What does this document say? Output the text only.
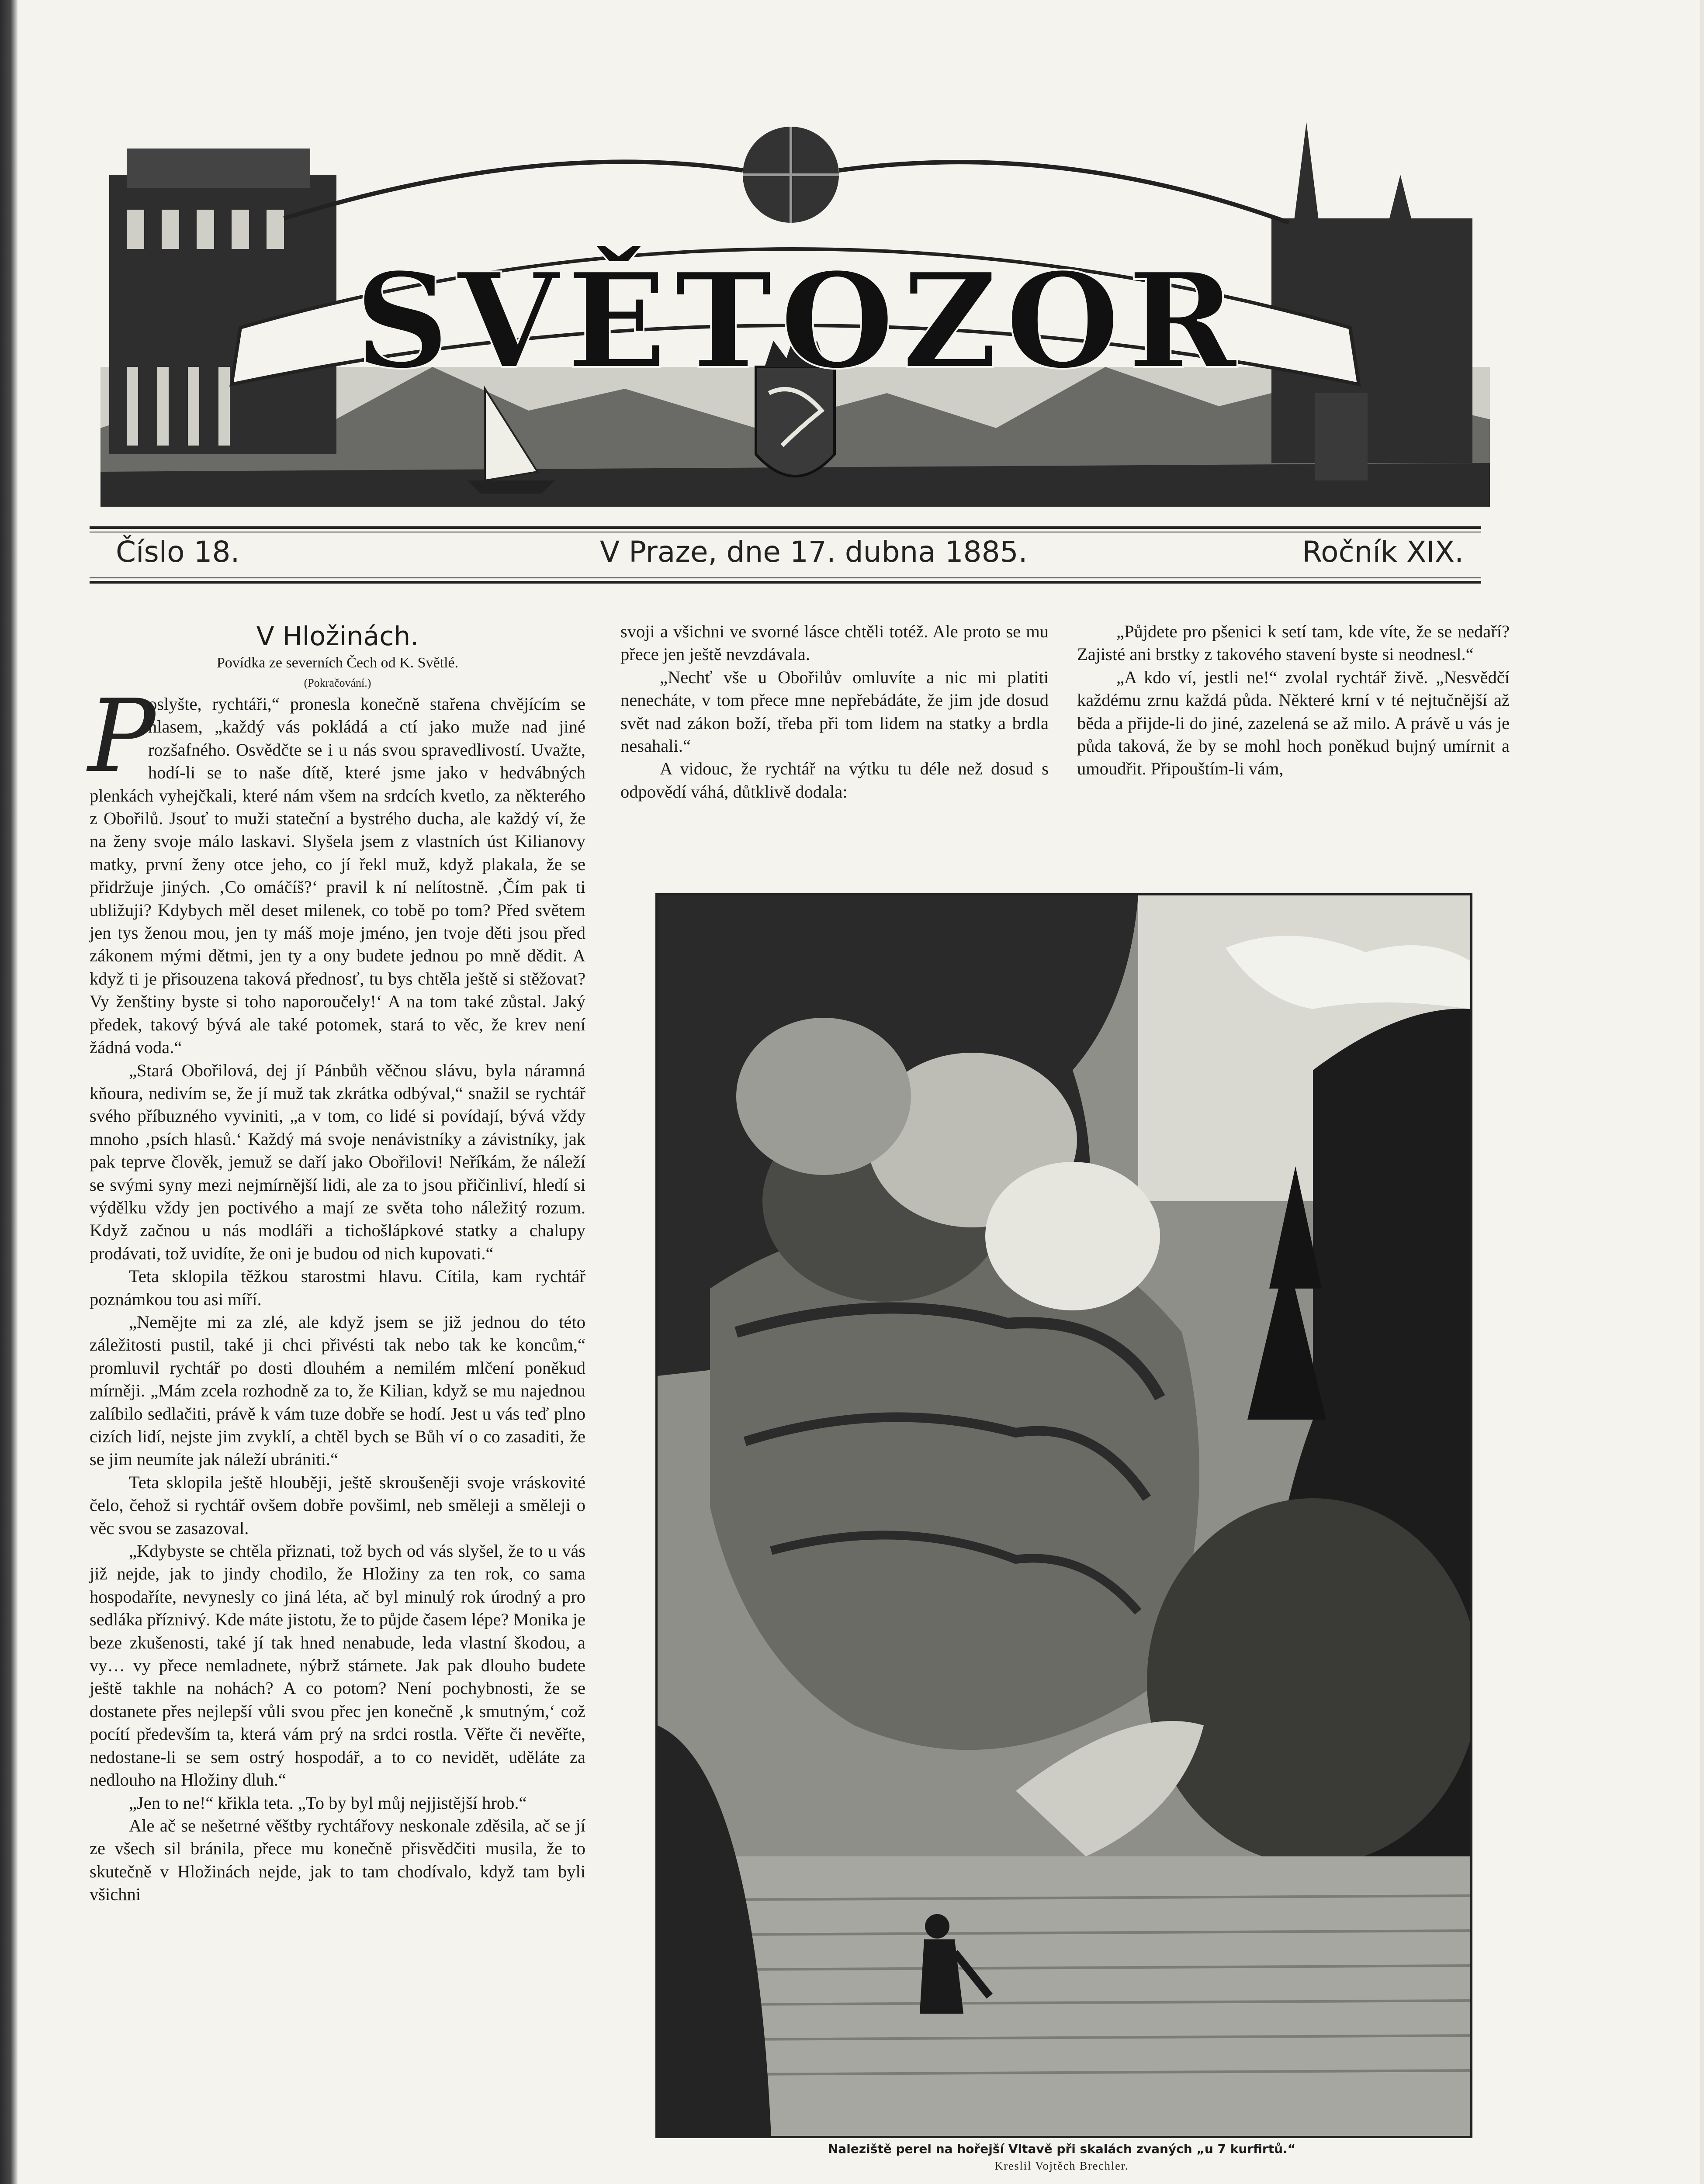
SVĚTOZOR
Číslo 18.	V Praze, dne 17. dubna 1885.	Ročník XIX.

V Hložinách.

Povídka ze severních Čech od K. Světlé.

(Pokračování.)

P
oslyšte, rychtáři,“ pronesla konečně stařena chvějícím se hlasem, „každý vás pokládá a ctí jako muže nad jiné rozšafného. Osvědčte se i u nás svou spravedlivostí. Uvažte, hodí-li se to naše dítě, které jsme jako v hedvábných plenkách vyhejčkali, které nám všem na srdcích kvetlo, za některého z Obořilů. Jsouť to muži stateční a bystrého ducha, ale každý ví, že na ženy svoje málo laskavi. Slyšela jsem z vlastních úst Kilianovy matky, první ženy otce jeho, co jí řekl muž, když plakala, že se přidržuje jiných. ‚Co omáčíš?‘ pravil k ní nelítostně. ‚Čím pak ti ubližuji? Kdybych měl deset milenek, co tobě po tom? Před světem jen tys ženou mou, jen ty máš moje jméno, jen tvoje děti jsou před zákonem mými dětmi, jen ty a ony budete jednou po mně dědit. A když ti je přisouzena taková přednosť, tu bys chtěla ještě si stěžovat? Vy ženštiny byste si toho naporoučely!‘ A na tom také zůstal. Jaký předek, takový bývá ale také potomek, stará to věc, že krev není žádná voda.“

„Stará Obořilová, dej jí Pánbůh věčnou slávu, byla náramná kňoura, nedivím se, že jí muž tak zkrátka odbýval,“ snažil se rychtář svého příbuzného vyviniti, „a v tom, co lidé si povídají, bývá vždy mnoho ‚psích hlasů.‘ Každý má svoje nenávistníky a závistníky, jak pak teprve člověk, jemuž se daří jako Obořilovi! Neříkám, že náleží se svými syny mezi nejmírnější lidi, ale za to jsou přičinliví, hledí si výdělku vždy jen poctivého a mají ze světa toho náležitý rozum. Když začnou u nás modláři a tichošlápkové statky a chalupy prodávati, tož uvidíte, že oni je budou od nich kupovati.“

Teta sklopila těžkou starostmi hlavu. Cítila, kam rychtář poznámkou tou asi míří.

„Nemějte mi za zlé, ale když jsem se již jednou do této záležitosti pustil, také ji chci přivésti tak nebo tak ke koncům,“ promluvil rychtář po dosti dlouhém a nemilém mlčení poněkud mírněji. „Mám zcela rozhodně za to, že Kilian, když se mu najednou zalíbilo sedlačiti, právě k vám tuze dobře se hodí. Jest u vás teď plno cizích lidí, nejste jim zvyklí, a chtěl bych se Bůh ví o co zasaditi, že se jim neumíte jak náleží ubrániti.“

Teta sklopila ještě hlouběji, ještě skroušeněji svoje vráskovité čelo, čehož si rychtář ovšem dobře povšiml, neb směleji a směleji o věc svou se zasazoval.

„Kdybyste se chtěla přiznati, tož bych od vás slyšel, že to u vás již nejde, jak to jindy chodilo, že Hložiny za ten rok, co sama hospodaříte, nevynesly co jiná léta, ač byl minulý rok úrodný a pro sedláka příznivý. Kde máte jistotu, že to půjde časem lépe? Monika je beze zkušenosti, také jí tak hned nenabude, leda vlastní škodou, a vy… vy přece nemladnete, nýbrž stárnete. Jak pak dlouho budete ještě takhle na nohách? A co potom? Není pochybnosti, že se dostanete přes nejlepší vůli svou přec jen konečně ‚k smutným,‘ což pocítí především ta, která vám prý na srdci rostla. Věřte či nevěřte, nedostane-li se sem ostrý hospodář, a to co nevidět, uděláte za nedlouho na Hložiny dluh.“

„Jen to ne!“ křikla teta. „To by byl můj nejjistější hrob.“

Ale ač se nešetrné věštby rychtářovy neskonale zděsila, ač se jí ze všech sil bránila, přece mu konečně přisvědčiti musila, že to skutečně v Hložinách nejde, jak to tam chodívalo, když tam byli všichni

svoji a všichni ve svorné lásce chtěli totéž. Ale proto se mu přece jen ještě nevzdávala.

„Nechť vše u Obořilův omluvíte a nic mi platiti nenecháte, v tom přece mne nepřebádáte, že jim jde dosud svět nad zákon boží, třeba při tom lidem na statky a brdla nesahali.“

A vidouc, že rychtář na výtku tu déle než dosud s odpovědí váhá, důtklivě dodala:

„Půjdete pro pšenici k setí tam, kde víte, že se nedaří? Zajisté ani brstky z takového stavení byste si neodnesl.“

„A kdo ví, jestli ne!“ zvolal rychtář živě. „Nesvědčí každému zrnu každá půda. Některé krní v té nejtučnější až běda a přijde-li do jiné, zazelená se až milo. A právě u vás je půda taková, že by se mohl hoch poněkud bujný umírnit a umoudřit. Připouštím-li vám,

Naleziště perel na hořejší Vltavě při skalách zvaných „u 7 kurfirtů.“
Kreslil Vojtěch Brechler.
